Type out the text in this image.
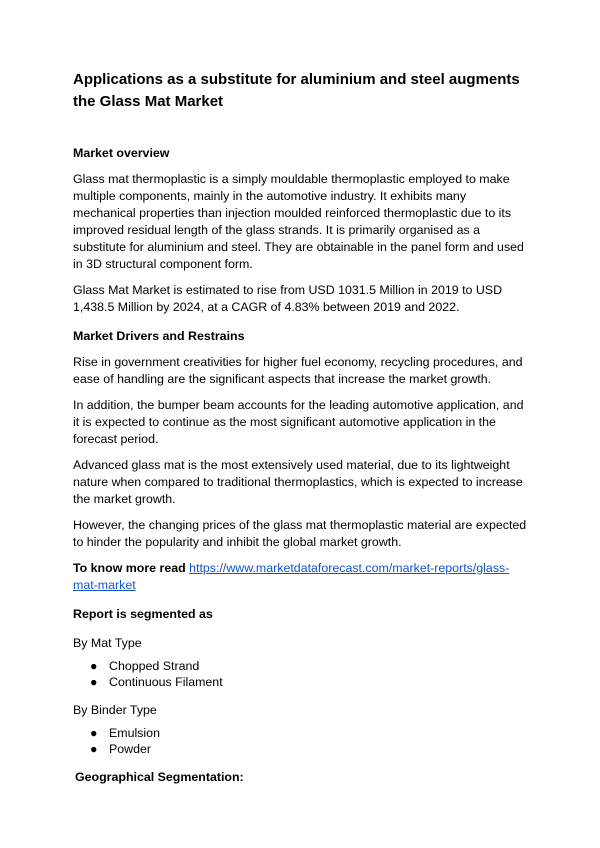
Applications as a substitute for aluminium and steel augments the Glass Mat Market
Market overview

Glass mat thermoplastic is a simply mouldable thermoplastic employed to make multiple components, mainly in the automotive industry. It exhibits many mechanical properties than injection moulded reinforced thermoplastic due to its improved residual length of the glass strands. It is primarily organised as a substitute for aluminium and steel. They are obtainable in the panel form and used in 3D structural component form.

Glass Mat Market is estimated to rise from USD 1031.5 Million in 2019 to USD 1,438.5 Million by 2024, at a CAGR of 4.83% between 2019 and 2022.

Market Drivers and Restrains

Rise in government creativities for higher fuel economy, recycling procedures, and ease of handling are the significant aspects that increase the market growth.

In addition, the bumper beam accounts for the leading automotive application, and it is expected to continue as the most significant automotive application in the forecast period.

Advanced glass mat is the most extensively used material, due to its lightweight nature when compared to traditional thermoplastics, which is expected to increase the market growth.

However, the changing prices of the glass mat thermoplastic material are expected to hinder the popularity and inhibit the global market growth.

To know more read https://www.marketdataforecast.com/market-reports/glass-mat-market

Report is segmented as

By Mat Type

● Chopped Strand
● Continuous Filament

By Binder Type

● Emulsion
● Powder
Geographical Segmentation:
